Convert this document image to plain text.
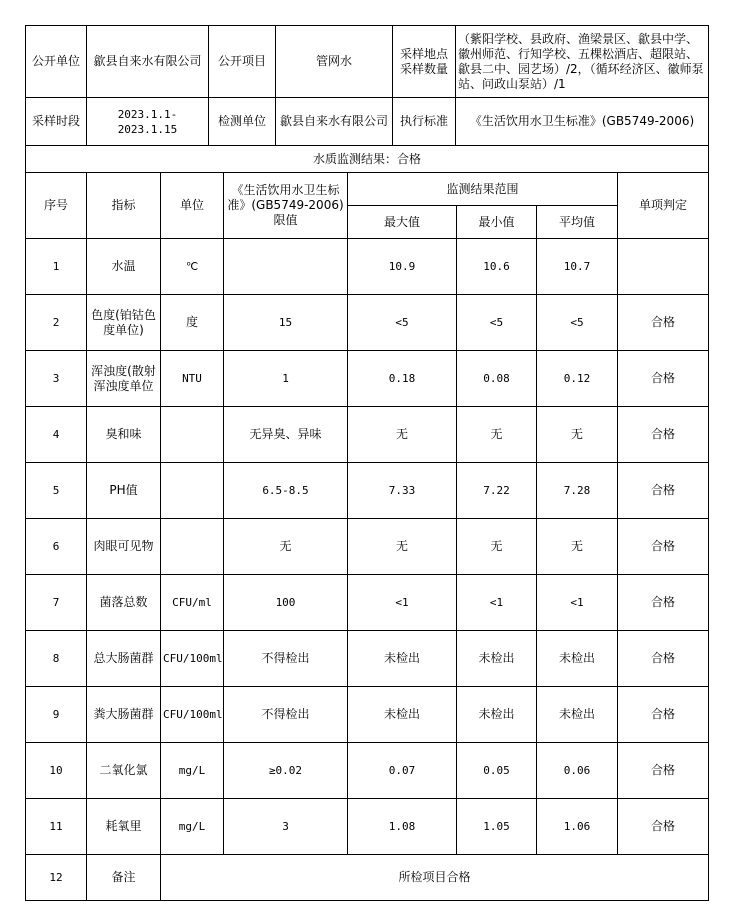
公开单位	歙县自来水有限公司	公开项目	管网水	采样地点采样数量	（紫阳学校、县政府、渔梁景区、歙县中学、徽州师范、行知学校、五棵松酒店、超限站、歙县二中、园艺场）/2，（循环经济区、徽师泵站、问政山泵站）/1
采样时段	2023.1.1-2023.1.15	检测单位	歙县自来水有限公司	执行标准	《生活饮用水卫生标准》(GB5749-2006)
水质监测结果：合格							
序号	指标	单位	《生活饮用水卫生标准》(GB5749-2006)限值	监测结果范围			单项判定
				最大值	最小值	平均值	
1	水温	℃		10.9	10.6	10.7	
2	色度(铂钴色度单位)	度	15	<5	<5	<5	合格
3	浑浊度(散射浑浊度单位	NTU	1	0.18	0.08	0.12	合格
4	臭和味		无异臭、异味	无	无	无	合格
5	PH值		6.5-8.5	7.33	7.22	7.28	合格
6	肉眼可见物		无	无	无	无	合格
7	菌落总数	CFU/ml	100	<1	<1	<1	合格
8	总大肠菌群	CFU/100ml	不得检出	未检出	未检出	未检出	合格
9	粪大肠菌群	CFU/100ml	不得检出	未检出	未检出	未检出	合格
10	二氧化氯	mg/L	≥0.02	0.07	0.05	0.06	合格
11	耗氧里	mg/L	3	1.08	1.05	1.06	合格
12	备注	所检项目合格					
